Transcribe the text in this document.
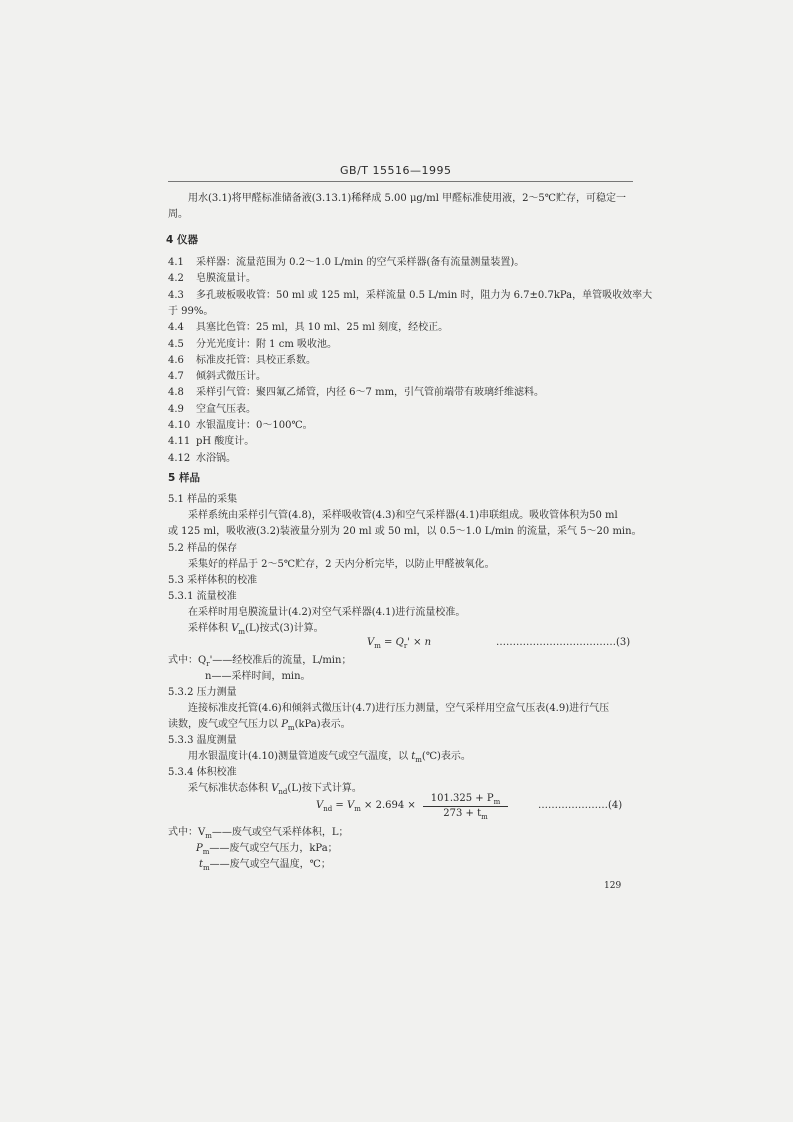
GB/T 15516—1995
用水(3.1)将甲醛标准储备液(3.13.1)稀释成 5.00 μg/ml 甲醛标准使用液，2～5℃贮存，可稳定一
周。
4 仪器
4.1 采样器：流量范围为 0.2～1.0 L/min 的空气采样器(备有流量测量装置)。
4.2 皂膜流量计。
4.3 多孔玻板吸收管：50 ml 或 125 ml，采样流量 0.5 L/min 时，阻力为 6.7±0.7kPa，单管吸收效率大
于 99%。
4.4 具塞比色管：25 ml，具 10 ml、25 ml 刻度，经校正。
4.5 分光光度计：附 1 cm 吸收池。
4.6 标准皮托管：具校正系数。
4.7 倾斜式微压计。
4.8 采样引气管：聚四氟乙烯管，内径 6～7 mm，引气管前端带有玻璃纤维滤料。
4.9 空盒气压表。
4.10 水银温度计：0～100℃。
4.11 pH 酸度计。
4.12 水浴锅。
5 样品
5.1 样品的采集
采样系统由采样引气管(4.8)，采样吸收管(4.3)和空气采样器(4.1)串联组成。吸收管体积为50 ml
或 125 ml，吸收液(3.2)装液量分别为 20 ml 或 50 ml，以 0.5～1.0 L/min 的流量，采气 5～20 min。
5.2 样品的保存
采集好的样品于 2～5℃贮存，2 天内分析完毕，以防止甲醛被氧化。
5.3 采样体积的校准
5.3.1 流量校准
在采样时用皂膜流量计(4.2)对空气采样器(4.1)进行流量校准。
采样体积 $V_m(L)$按式(3)计算。
$V_m = Q_r' \times n$	………………………………(3)
式中：$Q_r'——$经校准后的流量，L/min；
n——采样时间，min。
5.3.2 压力测量
连接标准皮托管(4.6)和倾斜式微压计(4.7)进行压力测量，空气采样用空盒气压表(4.9)进行气压
读数，废气或空气压力以 $P_m(kPa)$表示。
5.3.3 温度测量
用水银温度计(4.10)测量管道废气或空气温度，以 $t_m(℃)$表示。
5.3.4 体积校准
采气标准状态体积 $V_{nd}(L)$按下式计算。
$V_{nd} = V_m \times 2.694$ ×
$101.325 + P_m$
$273 + t_m$
…………………(4)
式中：$V_m——$废气或空气采样体积，L；
$P_m——$废气或空气压力，kPa；
$t_m——$废气或空气温度，℃；
129
